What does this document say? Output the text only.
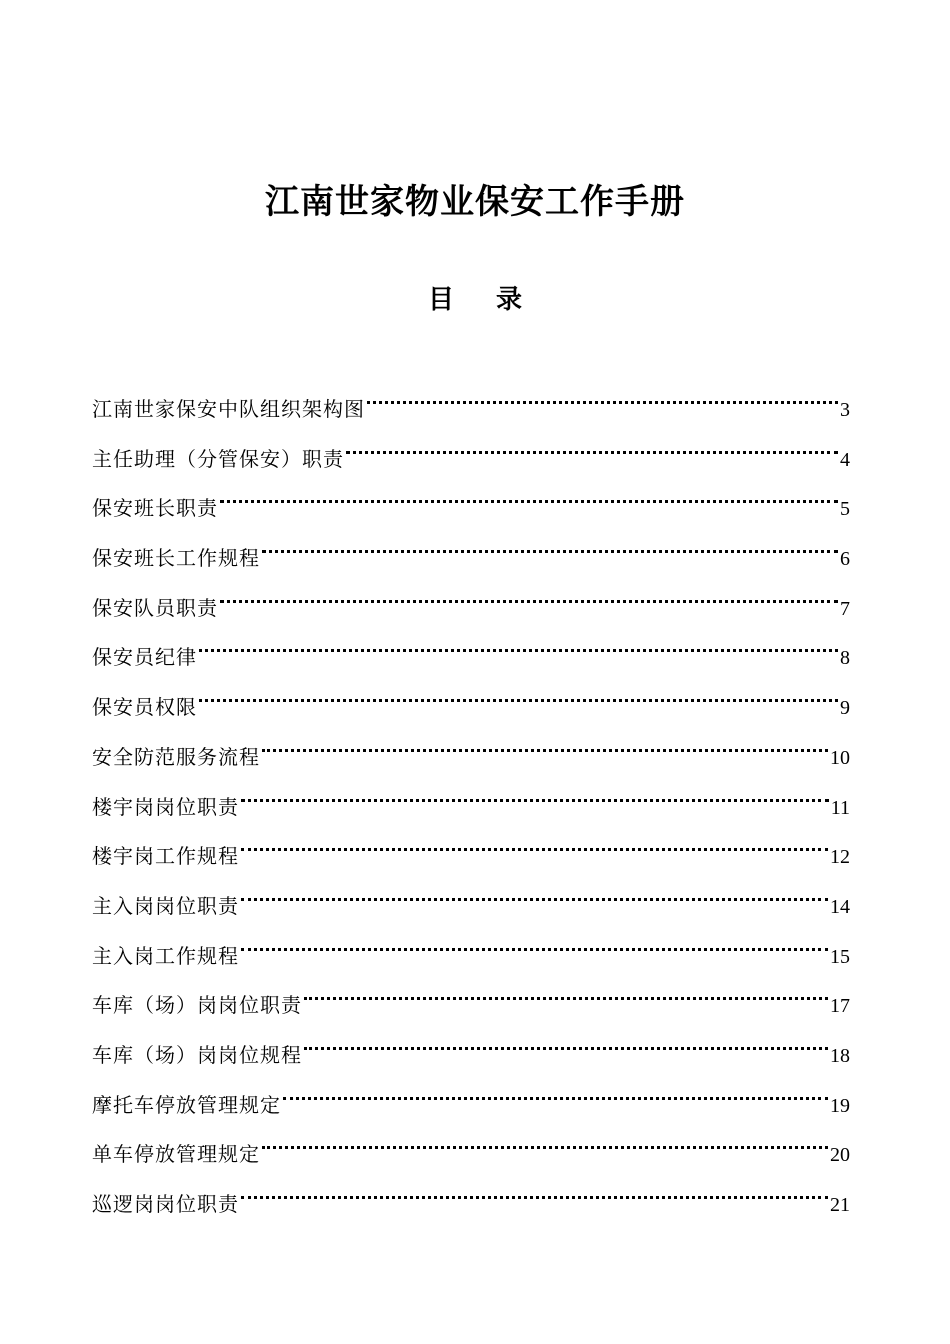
江南世家物业保安工作手册
目 录
江南世家保安中队组织架构图	3
主任助理（分管保安）职责	4
保安班长职责	5
保安班长工作规程	6
保安队员职责	7
保安员纪律	8
保安员权限	9
安全防范服务流程	10
楼宇岗岗位职责	11
楼宇岗工作规程	12
主入岗岗位职责	14
主入岗工作规程	15
车库（场）岗岗位职责	17
车库（场）岗岗位规程	18
摩托车停放管理规定	19
单车停放管理规定	20
巡逻岗岗位职责	21
